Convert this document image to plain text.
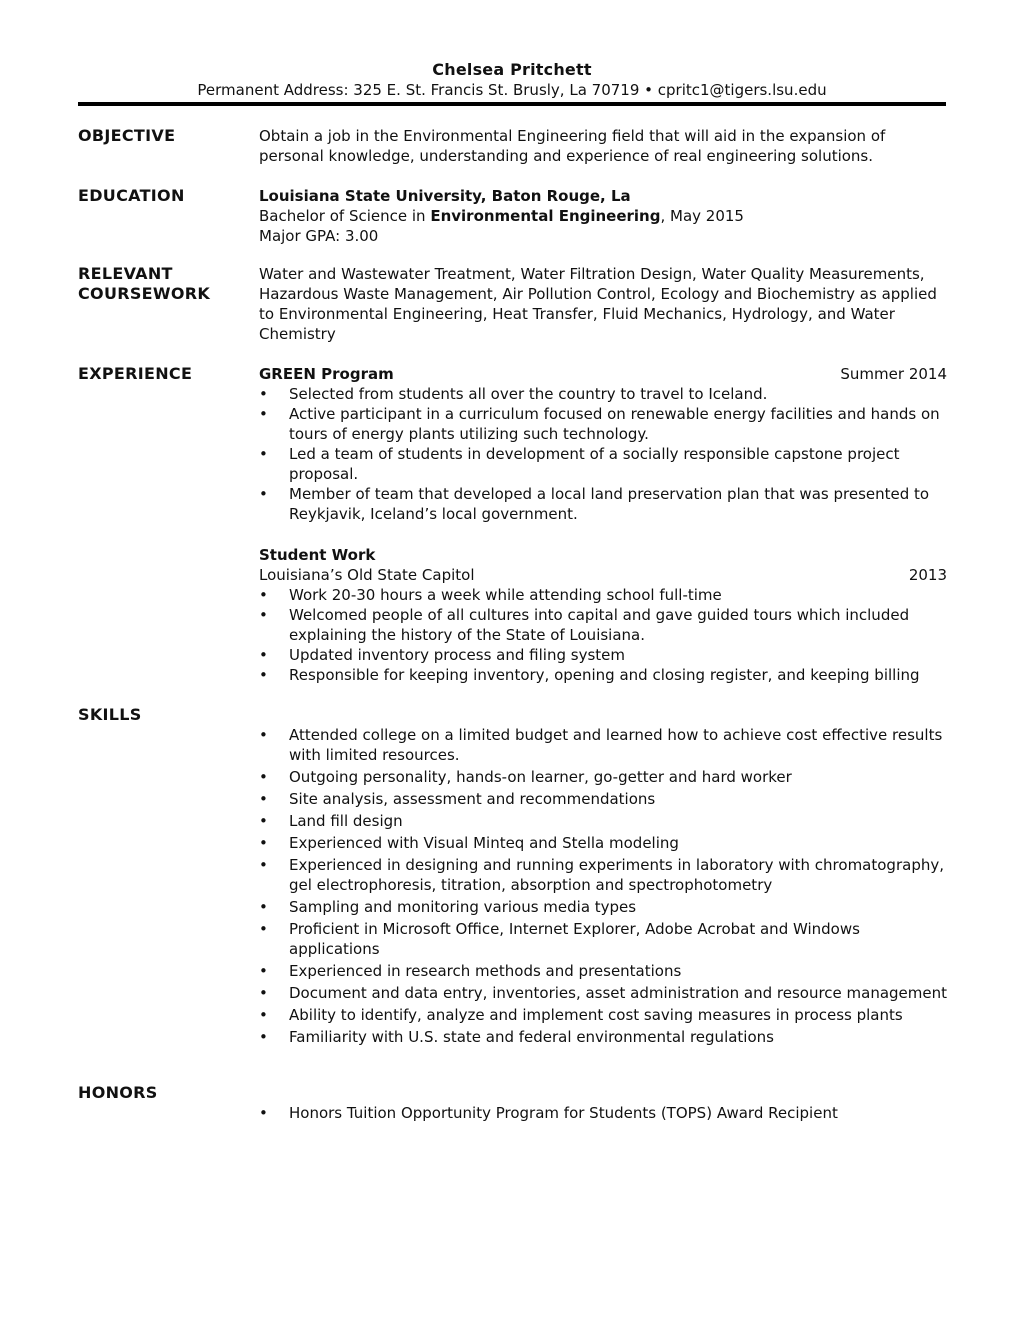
Chelsea Pritchett
Permanent Address: 325 E. St. Francis St. Brusly, La 70719 • cpritc1@tigers.lsu.edu
OBJECTIVE	Obtain a job in the Environmental Engineering field that will aid in the expansion of personal knowledge, understanding and experience of real engineering solutions.

EDUCATION	Louisiana State University, Baton Rouge, La

Bachelor of Science in Environmental Engineering, May 2015

Major GPA: 3.00

RELEVANT
COURSEWORK

Water and Wastewater Treatment, Water Filtration Design, Water Quality Measurements, Hazardous Waste Management, Air Pollution Control, Ecology and Biochemistry as applied to Environmental Engineering, Heat Transfer, Fluid Mechanics, Hydrology, and Water Chemistry

EXPERIENCE	GREEN Program	Summer 2014
• Selected from students all over the country to travel to Iceland.
• Active participant in a curriculum focused on renewable energy facilities and hands on tours of energy plants utilizing such technology.
• Led a team of students in development of a socially responsible capstone project proposal.
• Member of team that developed a local land preservation plan that was presented to Reykjavik, Iceland’s local government.

Student Work

Louisiana’s Old State Capitol	2013
• Work 20-30 hours a week while attending school full-time
• Welcomed people of all cultures into capital and gave guided tours which included explaining the history of the State of Louisiana.
• Updated inventory process and filing system
• Responsible for keeping inventory, opening and closing register, and keeping billing
SKILLS
• Attended college on a limited budget and learned how to achieve cost effective results with limited resources.
• Outgoing personality, hands-on learner, go-getter and hard worker
• Site analysis, assessment and recommendations
• Land fill design
• Experienced with Visual Minteq and Stella modeling
• Experienced in designing and running experiments in laboratory with chromatography, gel electrophoresis, titration, absorption and spectrophotometry
• Sampling and monitoring various media types
• Proficient in Microsoft Office, Internet Explorer, Adobe Acrobat and Windows applications
• Experienced in research methods and presentations
• Document and data entry, inventories, asset administration and resource management
• Ability to identify, analyze and implement cost saving measures in process plants
• Familiarity with U.S. state and federal environmental regulations
HONORS
• Honors Tuition Opportunity Program for Students (TOPS) Award Recipient
